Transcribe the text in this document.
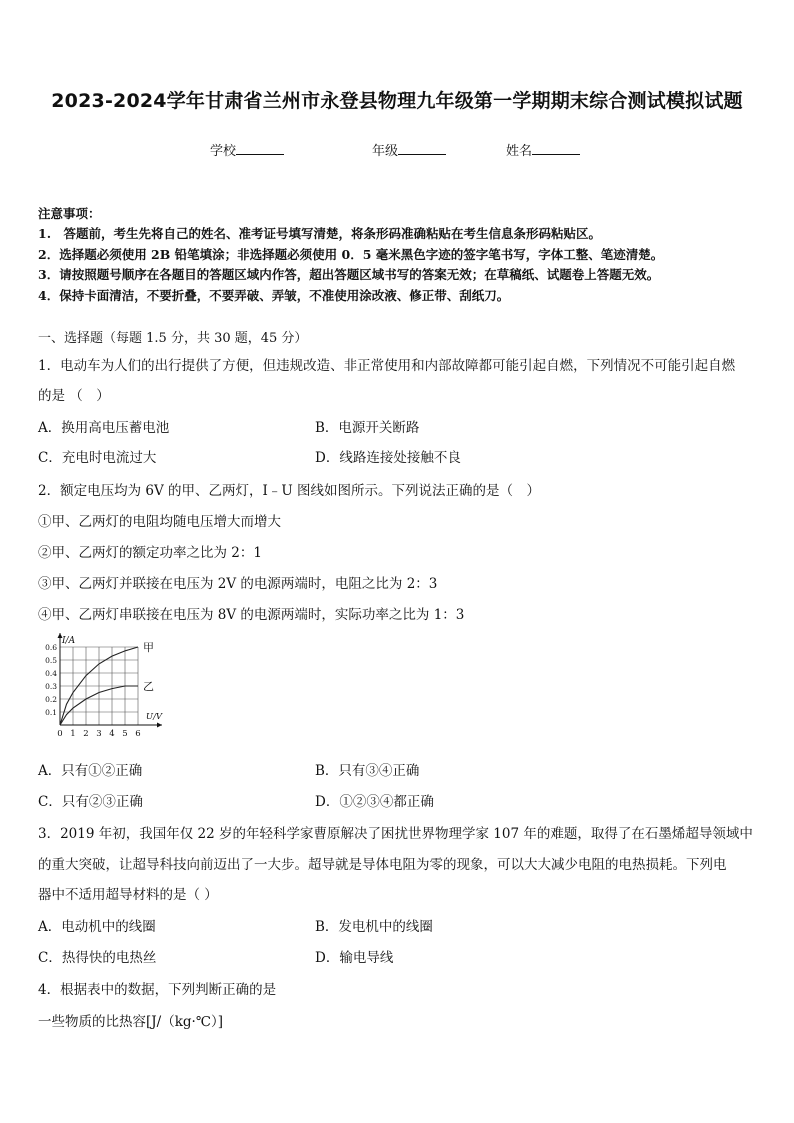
2023-2024学年甘肃省兰州市永登县物理九年级第一学期期末综合测试模拟试题
学校	年级	姓名
注意事项：
1.　答题前，考生先将自己的姓名、准考证号填写清楚，将条形码准确粘贴在考生信息条形码粘贴区。
2．选择题必须使用 2B 铅笔填涂；非选择题必须使用 0．5 毫米黑色字迹的签字笔书写，字体工整、笔迹清楚。
3．请按照题号顺序在各题目的答题区域内作答，超出答题区域书写的答案无效；在草稿纸、试题卷上答题无效。
4．保持卡面清洁，不要折叠，不要弄破、弄皱，不准使用涂改液、修正带、刮纸刀。
一、选择题（每题 1.5 分，共 30 题，45 分）
1．电动车为人们的出行提供了方便，但违规改造、非正常使用和内部故障都可能引起自燃，下列情况不可能引起自燃
的是 （　）
A．换用高电压蓄电池	B．电源开关断路
C．充电时电流过大	D．线路连接处接触不良
2．额定电压均为 6V 的甲、乙两灯，I﹣U 图线如图所示。下列说法正确的是（　）
①甲、乙两灯的电阻均随电压增大而增大
②甲、乙两灯的额定功率之比为 2：1
③甲、乙两灯并联接在电压为 2V 的电源两端时，电阻之比为 2：3
④甲、乙两灯串联接在电压为 8V 的电源两端时，实际功率之比为 1：3
0 1 2 3 4 5 6
0.1
0.2
0.3
0.4
0.5
0.6
I/A
U/V
甲
乙
A．只有①②正确	B．只有③④正确
C．只有②③正确	D．①②③④都正确
3．2019 年初，我国年仅 22 岁的年轻科学家曹原解决了困扰世界物理学家 107 年的难题，取得了在石墨烯超导领域中
的重大突破，让超导科技向前迈出了一大步。超导就是导体电阻为零的现象，可以大大减少电阻的电热损耗。下列电
器中不适用超导材料的是（ ）
A．电动机中的线圈	B．发电机中的线圈
C．热得快的电热丝	D．输电导线
4．根据表中的数据，下列判断正确的是
一些物质的比热容[J/（kg·℃）]
